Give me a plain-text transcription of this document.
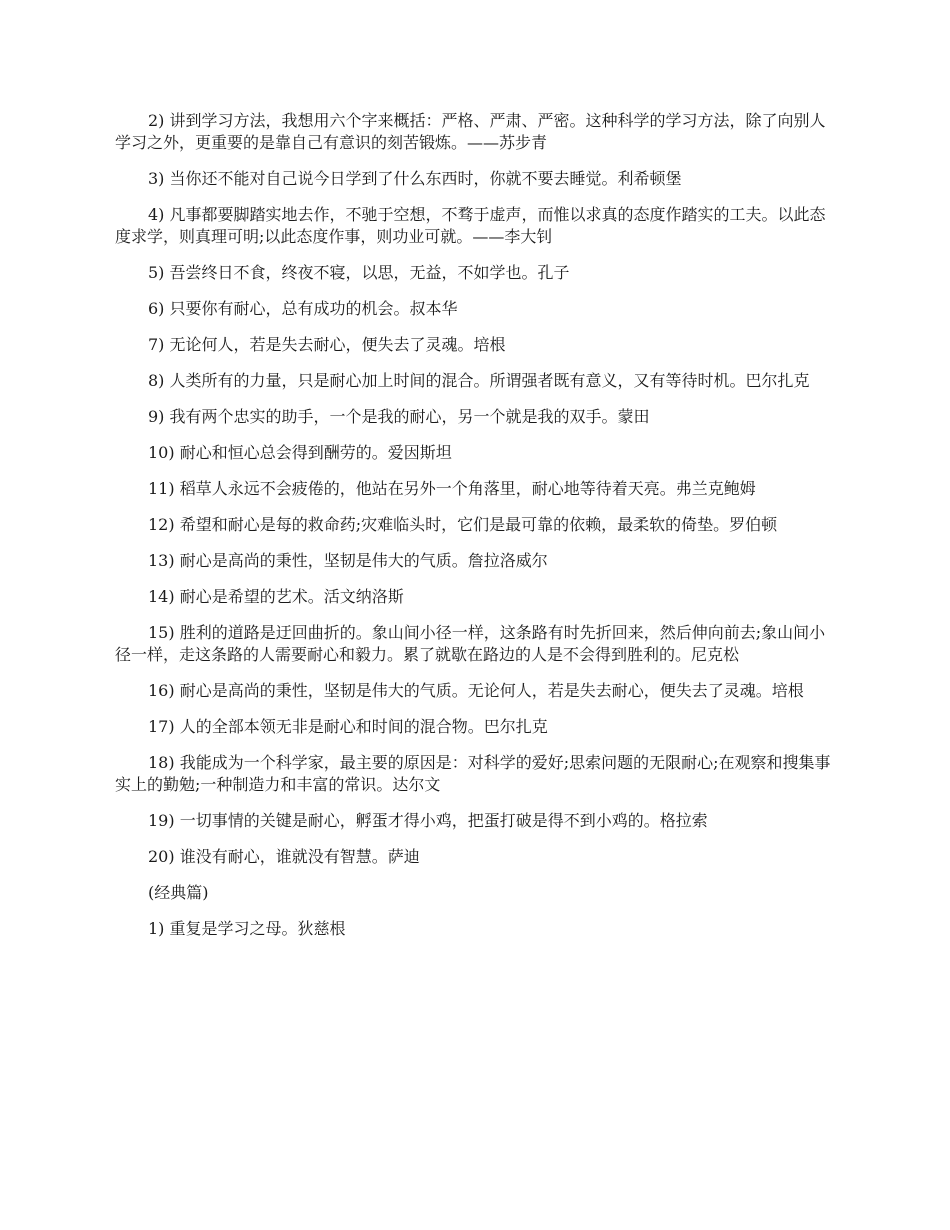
2) 讲到学习方法，我想用六个字来概括：严格、严肃、严密。这种科学的学习方法，除了向别人学习之外，更重要的是靠自己有意识的刻苦锻炼。——苏步青

3) 当你还不能对自己说今日学到了什么东西时，你就不要去睡觉。利希顿堡

4) 凡事都要脚踏实地去作，不驰于空想，不骛于虚声，而惟以求真的态度作踏实的工夫。以此态度求学，则真理可明;以此态度作事，则功业可就。——李大钊

5) 吾尝终日不食，终夜不寝，以思，无益，不如学也。孔子

6) 只要你有耐心，总有成功的机会。叔本华

7) 无论何人，若是失去耐心，便失去了灵魂。培根

8) 人类所有的力量，只是耐心加上时间的混合。所谓强者既有意义，又有等待时机。巴尔扎克

9) 我有两个忠实的助手，一个是我的耐心，另一个就是我的双手。蒙田

10) 耐心和恒心总会得到酬劳的。爱因斯坦

11) 稻草人永远不会疲倦的，他站在另外一个角落里，耐心地等待着天亮。弗兰克鲍姆

12) 希望和耐心是每的救命药;灾难临头时，它们是最可靠的依赖，最柔软的倚垫。罗伯顿

13) 耐心是高尚的秉性，坚韧是伟大的气质。詹拉洛威尔

14) 耐心是希望的艺术。活文纳洛斯

15) 胜利的道路是迂回曲折的。象山间小径一样，这条路有时先折回来，然后伸向前去;象山间小径一样，走这条路的人需要耐心和毅力。累了就歇在路边的人是不会得到胜利的。尼克松

16) 耐心是高尚的秉性，坚韧是伟大的气质。无论何人，若是失去耐心，便失去了灵魂。培根

17) 人的全部本领无非是耐心和时间的混合物。巴尔扎克

18) 我能成为一个科学家，最主要的原因是：对科学的爱好;思索问题的无限耐心;在观察和搜集事实上的勤勉;一种制造力和丰富的常识。达尔文

19) 一切事情的关键是耐心，孵蛋才得小鸡，把蛋打破是得不到小鸡的。格拉索

20) 谁没有耐心，谁就没有智慧。萨迪

(经典篇)

1) 重复是学习之母。狄慈根
